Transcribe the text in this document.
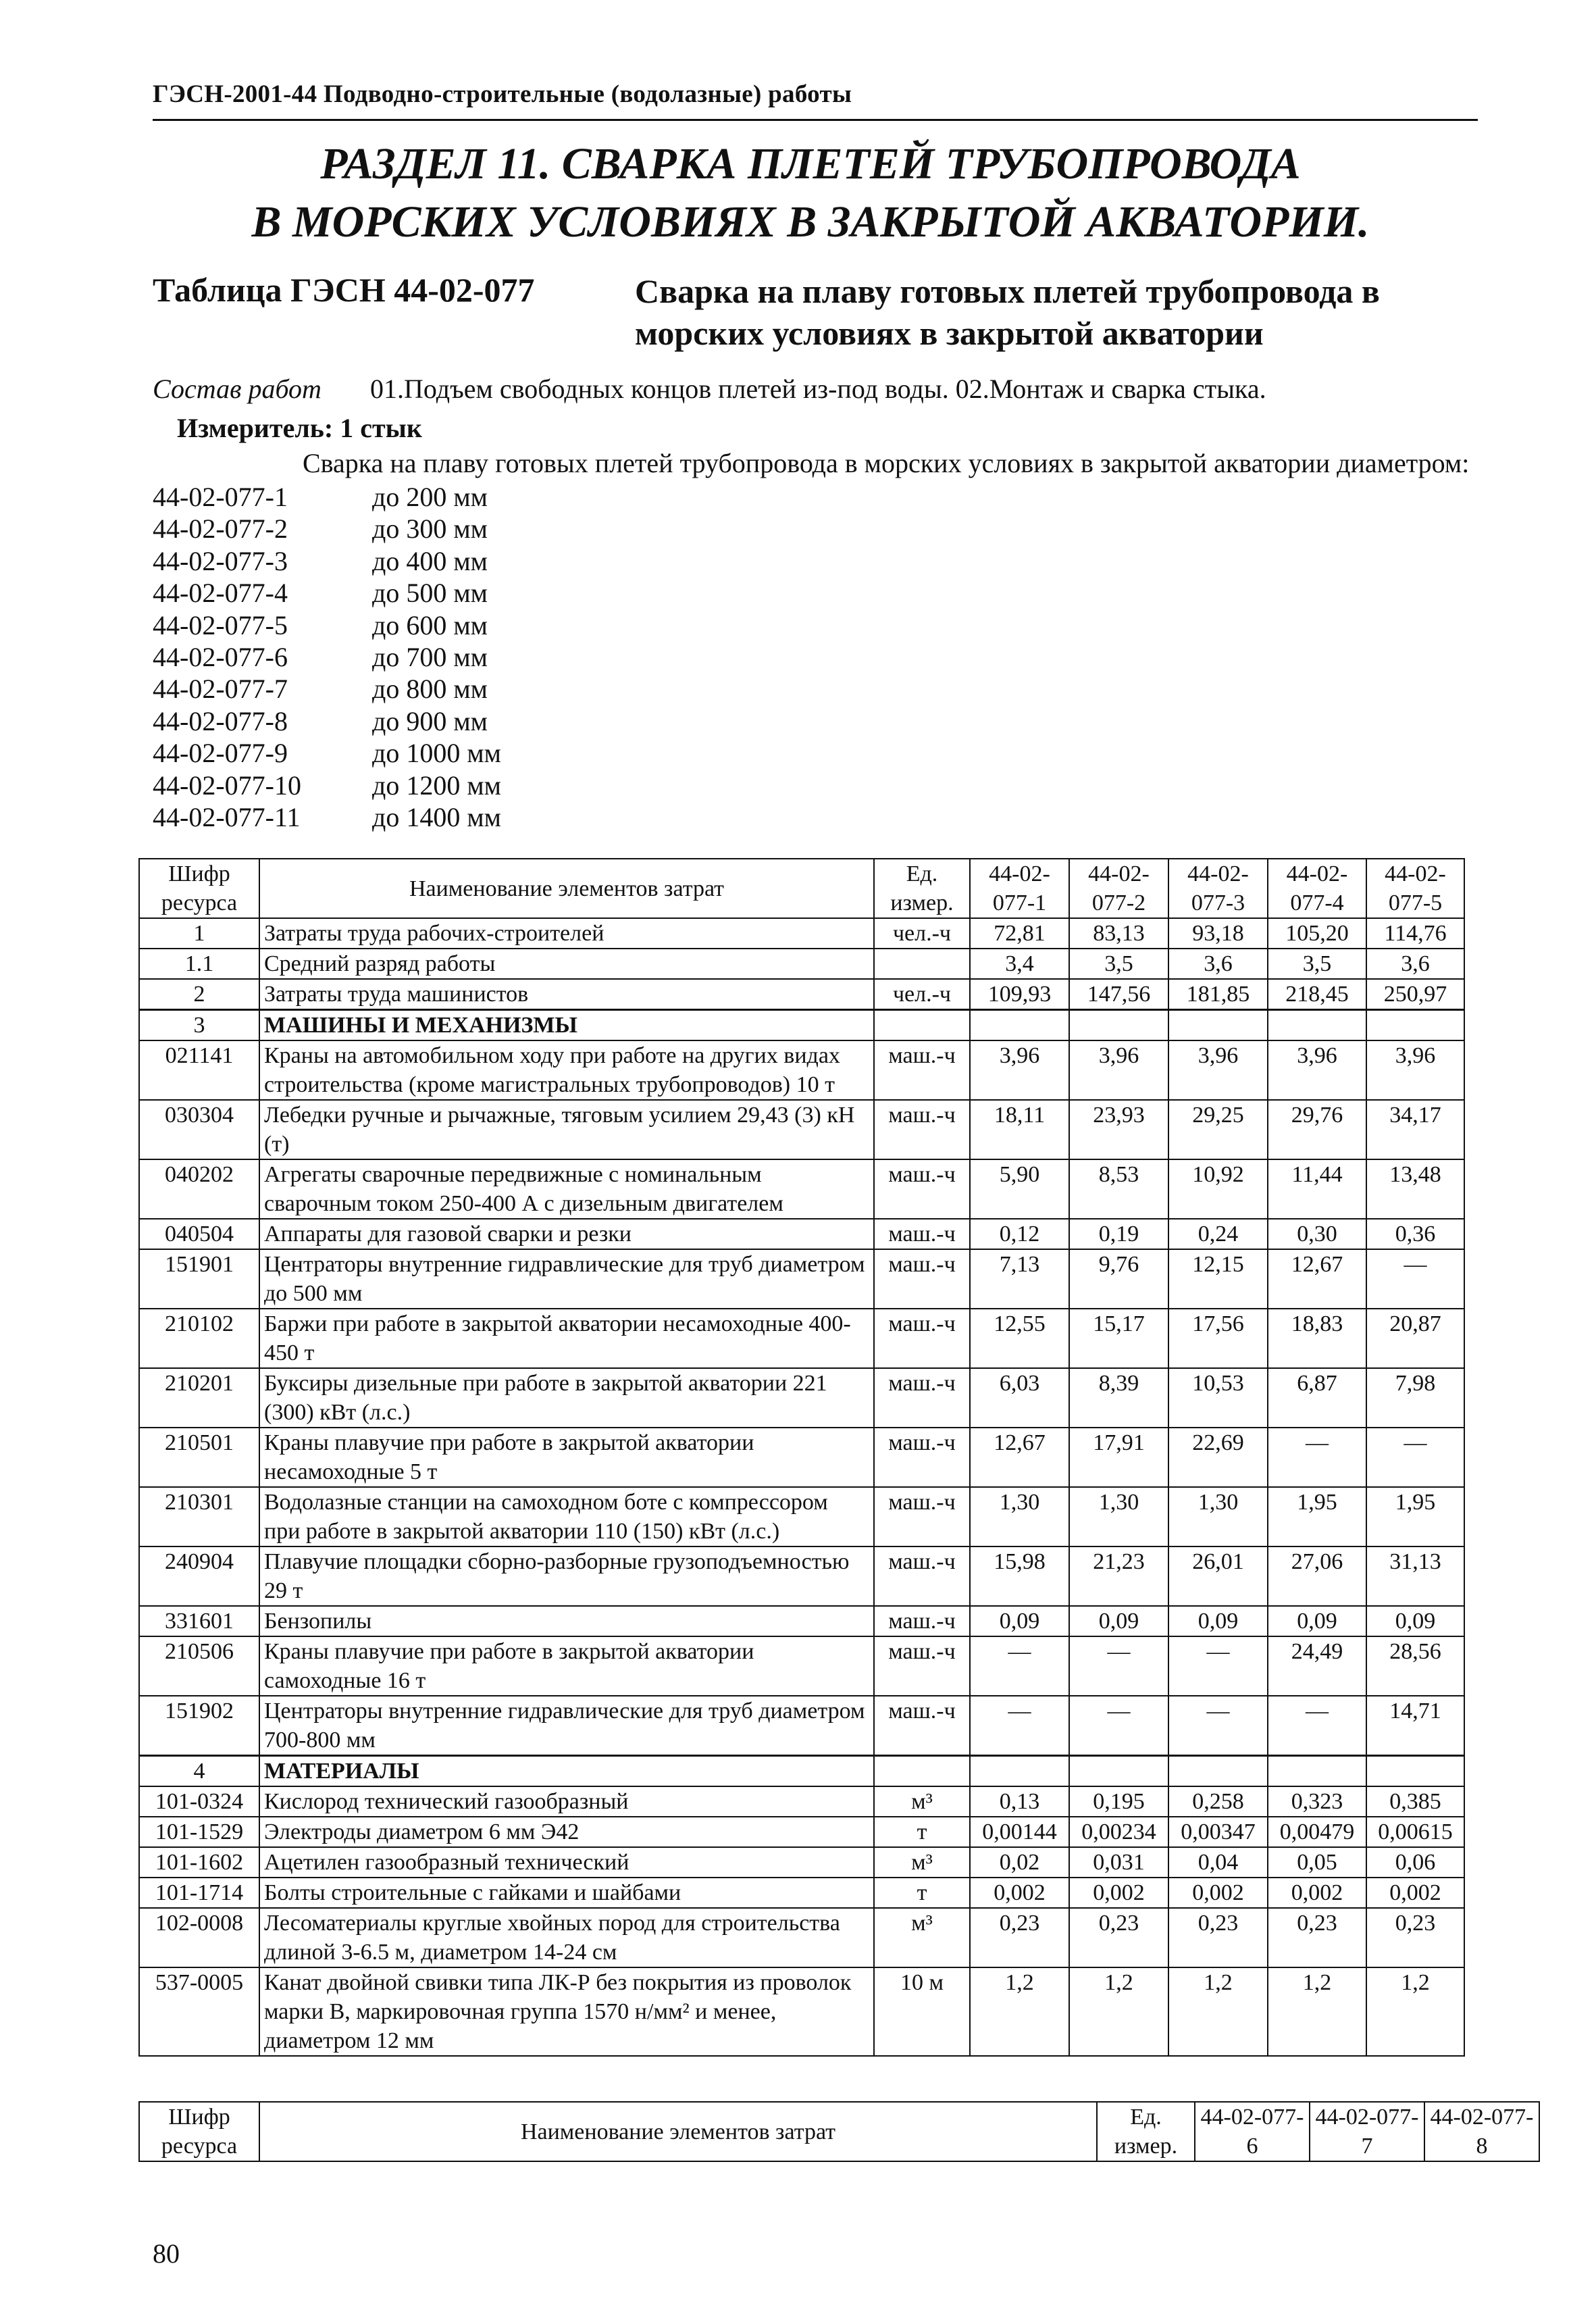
ГЭСН-2001-44 Подводно-строительные (водолазные) работы
РАЗДЕЛ 11. СВАРКА ПЛЕТЕЙ ТРУБОПРОВОДА
В МОРСКИХ УСЛОВИЯХ В ЗАКРЫТОЙ АКВАТОРИИ.
Таблица ГЭСН 44-02-077	Сварка на плаву готовых плетей трубопровода в морских условиях в закрытой акватории
Состав работ 01.Подъем свободных концов плетей из-под воды. 02.Монтаж и сварка стыка.
Измеритель: 1 стык
Сварка на плаву готовых плетей трубопровода в морских условиях в закрытой акватории диаметром:
44-02-077-1	до 200 мм
44-02-077-2	до 300 мм
44-02-077-3	до 400 мм
44-02-077-4	до 500 мм
44-02-077-5	до 600 мм
44-02-077-6	до 700 мм
44-02-077-7	до 800 мм
44-02-077-8	до 900 мм
44-02-077-9	до 1000 мм
44-02-077-10	до 1200 мм
44-02-077-11	до 1400 мм
Шифр ресурса	Наименование элементов затрат	Ед. измер.	44-02-077-1	44-02-077-2	44-02-077-3	44-02-077-4	44-02-077-5
1	Затраты труда рабочих-строителей	чел.-ч	72,81	83,13	93,18	105,20	114,76
1.1	Средний разряд работы		3,4	3,5	3,6	3,5	3,6
2	Затраты труда машинистов	чел.-ч	109,93	147,56	181,85	218,45	250,97
3	МАШИНЫ И МЕХАНИЗМЫ						
021141	Краны на автомобильном ходу при работе на других видах строительства (кроме магистральных трубопроводов) 10 т	маш.-ч	3,96	3,96	3,96	3,96	3,96
030304	Лебедки ручные и рычажные, тяговым усилием 29,43 (3) кН (т)	маш.-ч	18,11	23,93	29,25	29,76	34,17
040202	Агрегаты сварочные передвижные с номинальным сварочным током 250-400 А с дизельным двигателем	маш.-ч	5,90	8,53	10,92	11,44	13,48
040504	Аппараты для газовой сварки и резки	маш.-ч	0,12	0,19	0,24	0,30	0,36
151901	Центраторы внутренние гидравлические для труб диаметром до 500 мм	маш.-ч	7,13	9,76	12,15	12,67	—
210102	Баржи при работе в закрытой акватории несамоходные 400-450 т	маш.-ч	12,55	15,17	17,56	18,83	20,87
210201	Буксиры дизельные при работе в закрытой акватории 221 (300) кВт (л.с.)	маш.-ч	6,03	8,39	10,53	6,87	7,98
210501	Краны плавучие при работе в закрытой акватории несамоходные 5 т	маш.-ч	12,67	17,91	22,69	—	—
210301	Водолазные станции на самоходном боте с компрессором при работе в закрытой акватории 110 (150) кВт (л.с.)	маш.-ч	1,30	1,30	1,30	1,95	1,95
240904	Плавучие площадки сборно-разборные грузоподъемностью 29 т	маш.-ч	15,98	21,23	26,01	27,06	31,13
331601	Бензопилы	маш.-ч	0,09	0,09	0,09	0,09	0,09
210506	Краны плавучие при работе в закрытой акватории самоходные 16 т	маш.-ч	—	—	—	24,49	28,56
151902	Центраторы внутренние гидравлические для труб диаметром 700-800 мм	маш.-ч	—	—	—	—	14,71
4	МАТЕРИАЛЫ						
101-0324	Кислород технический газообразный	м³	0,13	0,195	0,258	0,323	0,385
101-1529	Электроды диаметром 6 мм Э42	т	0,00144	0,00234	0,00347	0,00479	0,00615
101-1602	Ацетилен газообразный технический	м³	0,02	0,031	0,04	0,05	0,06
101-1714	Болты строительные с гайками и шайбами	т	0,002	0,002	0,002	0,002	0,002
102-0008	Лесоматериалы круглые хвойных пород для строительства длиной 3-6.5 м, диаметром 14-24 см	м³	0,23	0,23	0,23	0,23	0,23
537-0005	Канат двойной свивки типа ЛК-Р без покрытия из проволок марки В, маркировочная группа 1570 н/мм² и менее, диаметром 12 мм	10 м	1,2	1,2	1,2	1,2	1,2
Шифр ресурса	Наименование элементов затрат	Ед. измер.	44-02-077-6	44-02-077-7	44-02-077-8
80
